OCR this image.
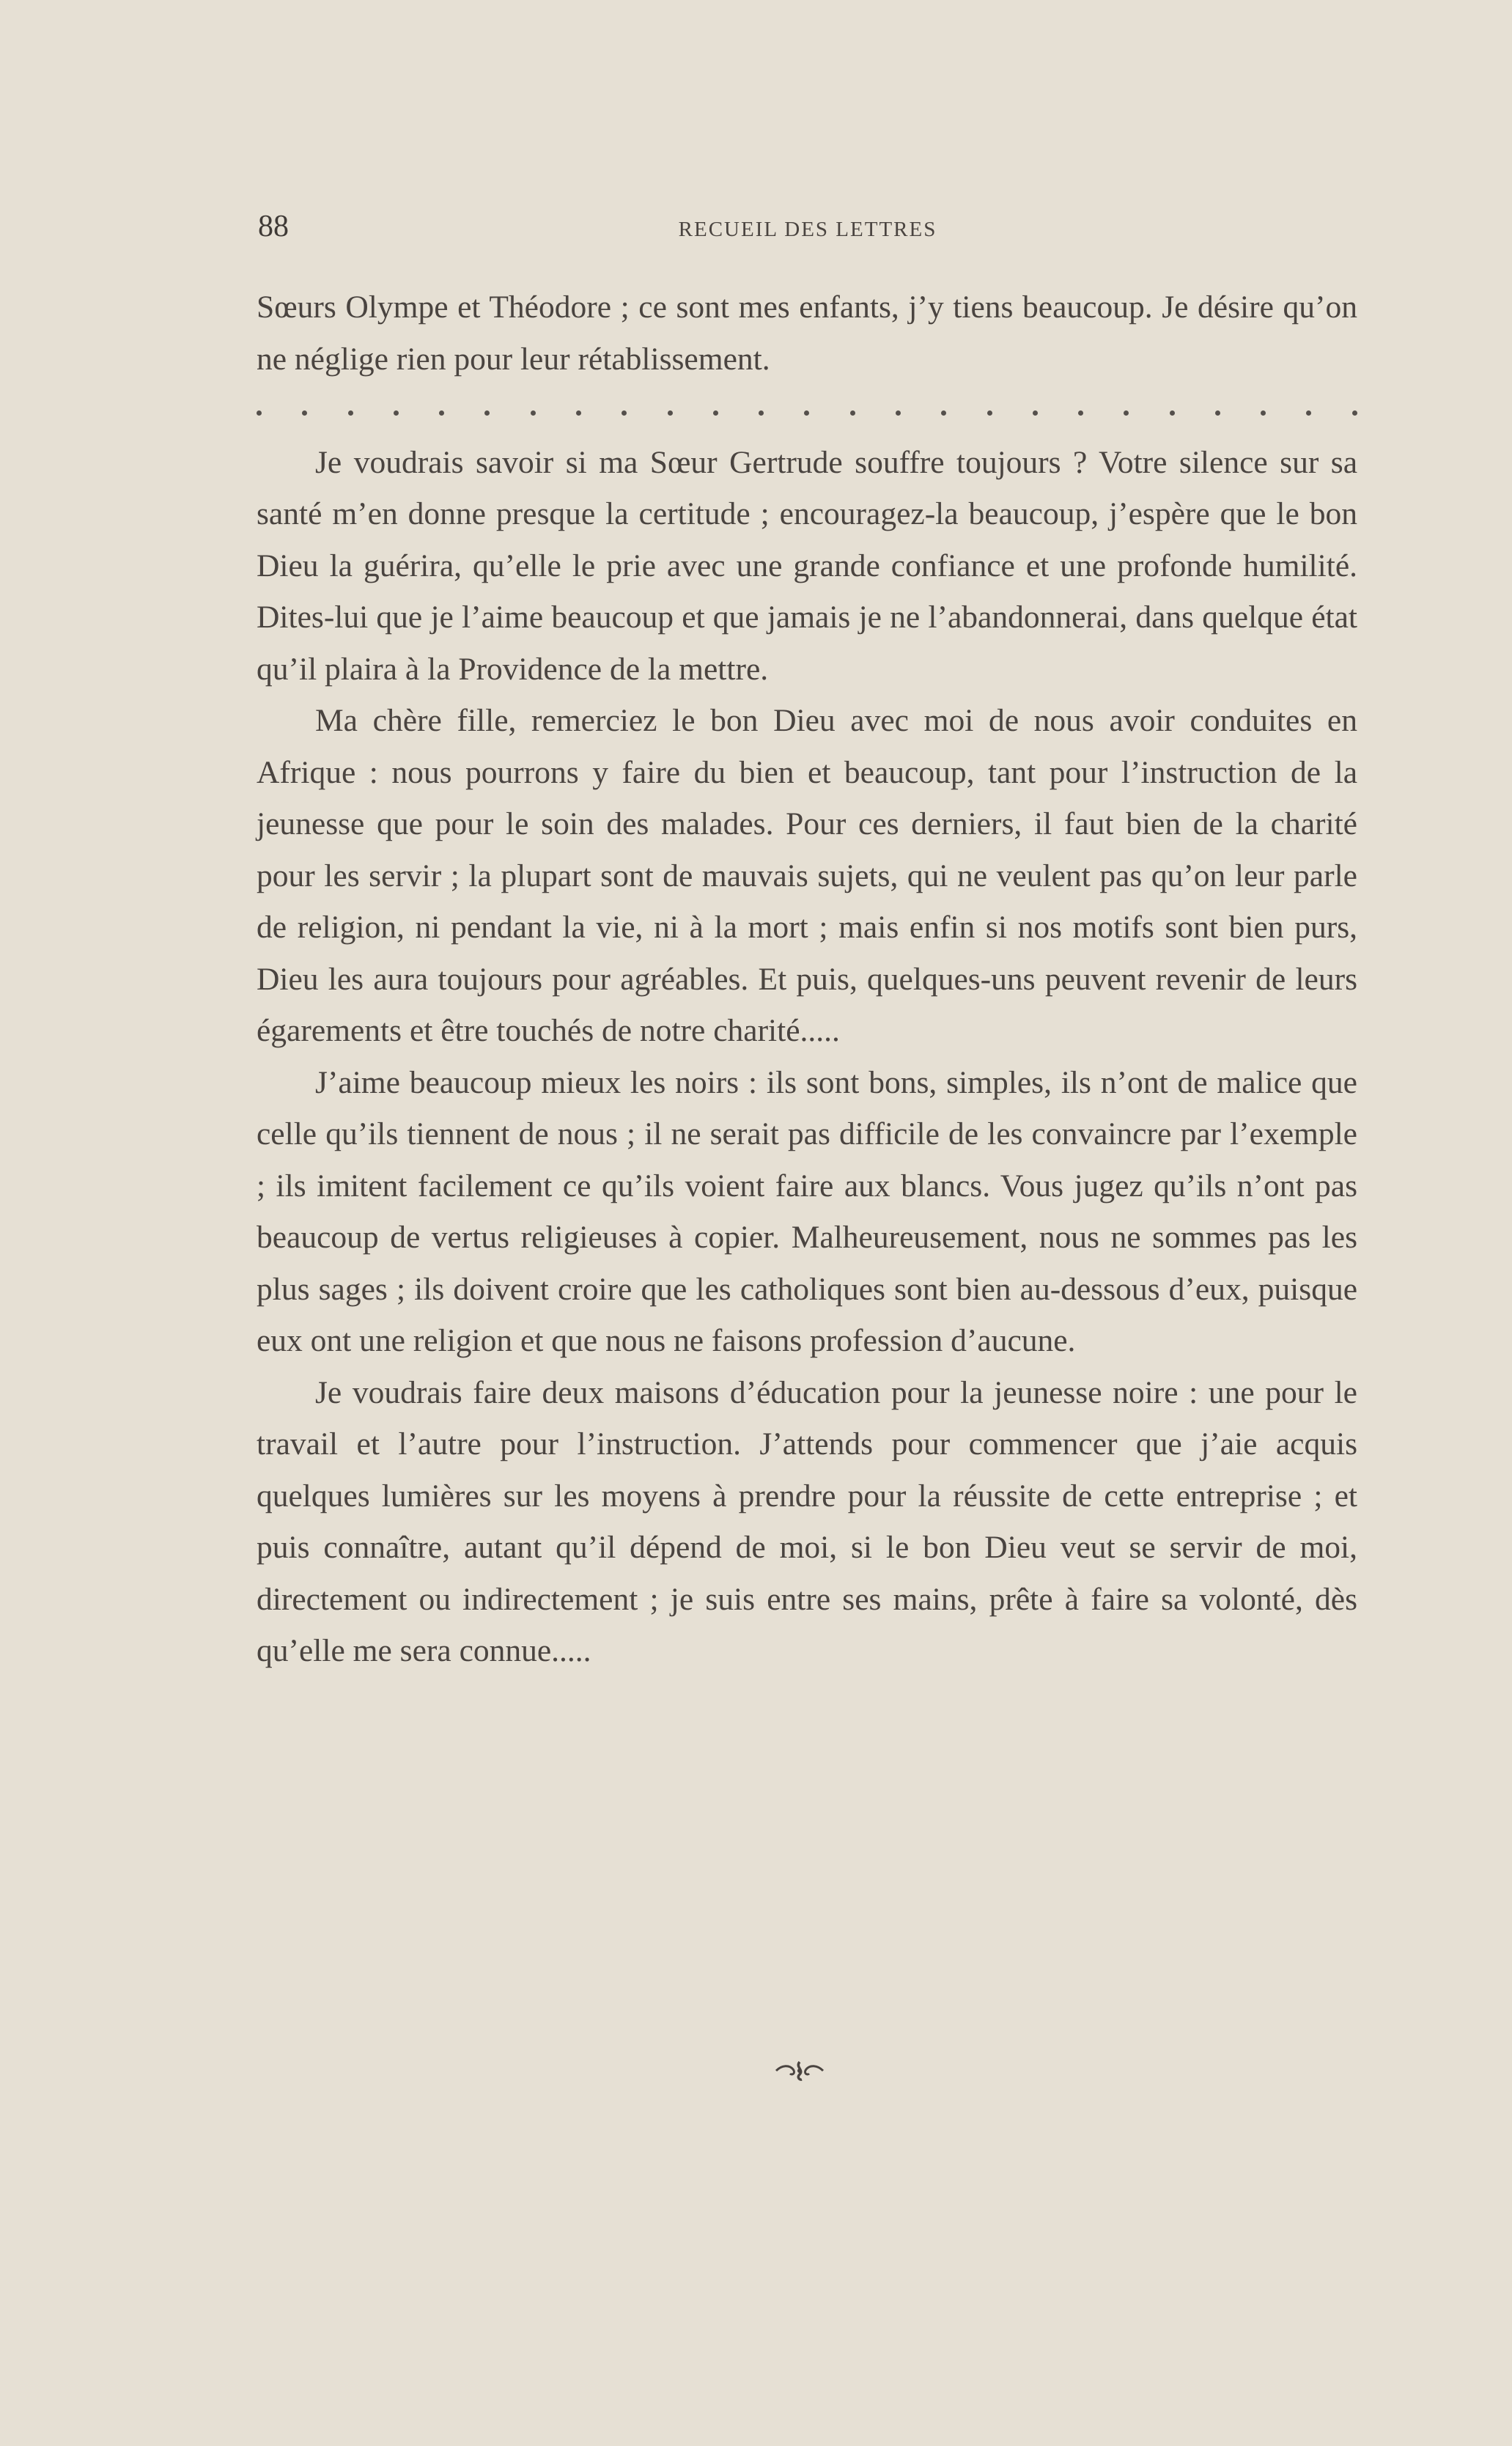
88	RECUEIL DES LETTRES

Sœurs Olympe et Théodore ; ce sont mes enfants, j’y tiens beaucoup. Je désire qu’on ne néglige rien pour leur rétablissement.

Je voudrais savoir si ma Sœur Gertrude souffre toujours ? Votre silence sur sa santé m’en donne presque la certitude ; encouragez-la beaucoup, j’espère que le bon Dieu la guérira, qu’elle le prie avec une grande confiance et une profonde humilité. Dites-lui que je l’aime beaucoup et que jamais je ne l’abandonnerai, dans quelque état qu’il plaira à la Providence de la mettre.

Ma chère fille, remerciez le bon Dieu avec moi de nous avoir conduites en Afrique : nous pourrons y faire du bien et beaucoup, tant pour l’instruction de la jeunesse que pour le soin des malades. Pour ces derniers, il faut bien de la charité pour les servir ; la plupart sont de mauvais sujets, qui ne veulent pas qu’on leur parle de religion, ni pendant la vie, ni à la mort ; mais enfin si nos motifs sont bien purs, Dieu les aura toujours pour agréables. Et puis, quelques-uns peuvent revenir de leurs égarements et être touchés de notre charité.....

J’aime beaucoup mieux les noirs : ils sont bons, simples, ils n’ont de malice que celle qu’ils tiennent de nous ; il ne serait pas difficile de les convaincre par l’exemple ; ils imitent facilement ce qu’ils voient faire aux blancs. Vous jugez qu’ils n’ont pas beaucoup de vertus religieuses à copier. Malheureusement, nous ne sommes pas les plus sages ; ils doivent croire que les catholiques sont bien au-dessous d’eux, puisque eux ont une religion et que nous ne faisons profession d’aucune.

Je voudrais faire deux maisons d’éducation pour la jeunesse noire : une pour le travail et l’autre pour l’instruction. J’attends pour commencer que j’aie acquis quelques lumières sur les moyens à prendre pour la réussite de cette entreprise ; et puis connaître, autant qu’il dépend de moi, si le bon Dieu veut se servir de moi, directement ou indirectement ; je suis entre ses mains, prête à faire sa volonté, dès qu’elle me sera connue.....
